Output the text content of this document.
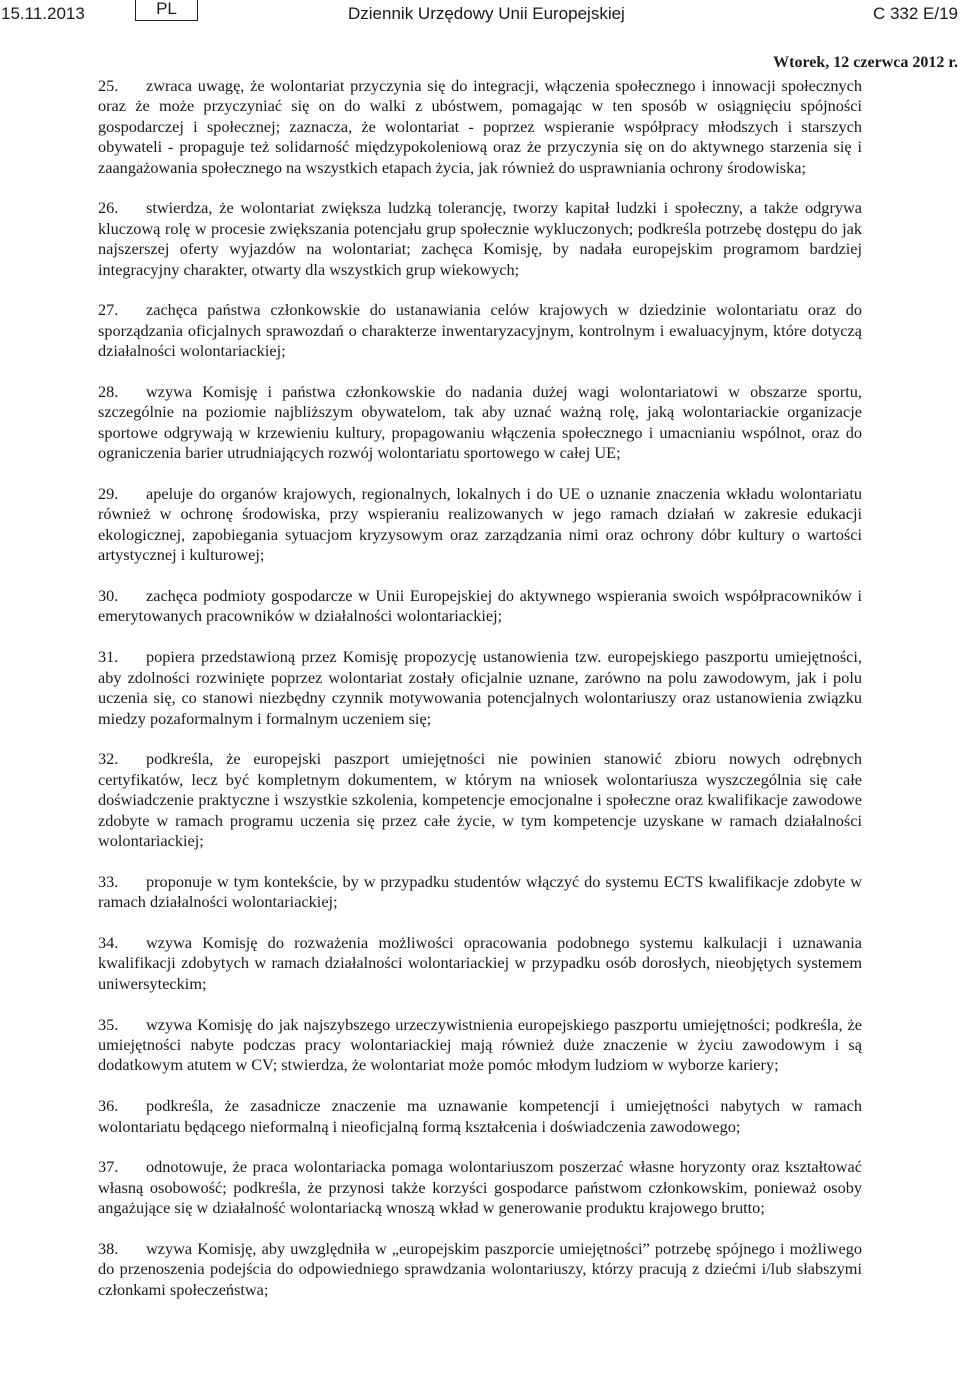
15.11.2013	PL	Dziennik Urzędowy Unii Europejskiej	C 332 E/19
Wtorek, 12 czerwca 2012 r.

25. zwraca uwagę, że wolontariat przyczynia się do integracji, włączenia społecznego i innowacji społecznych oraz że może przyczyniać się on do walki z ubóstwem, pomagając w ten sposób w osiągnięciu spójności gospodarczej i społecznej; zaznacza, że wolontariat - poprzez wspieranie współpracy młodszych i starszych obywateli - propaguje też solidarność międzypokoleniową oraz że przyczynia się on do aktywnego starzenia się i zaangażowania społecznego na wszystkich etapach życia, jak również do usprawniania ochrony środowiska;

26. stwierdza, że wolontariat zwiększa ludzką tolerancję, tworzy kapitał ludzki i społeczny, a także odgrywa kluczową rolę w procesie zwiększania potencjału grup społecznie wykluczonych; podkreśla potrzebę dostępu do jak najszerszej oferty wyjazdów na wolontariat; zachęca Komisję, by nadała europejskim programom bardziej integracyjny charakter, otwarty dla wszystkich grup wiekowych;

27. zachęca państwa członkowskie do ustanawiania celów krajowych w dziedzinie wolontariatu oraz do sporządzania oficjalnych sprawozdań o charakterze inwentaryzacyjnym, kontrolnym i ewaluacyjnym, które dotyczą działalności wolontariackiej;

28. wzywa Komisję i państwa członkowskie do nadania dużej wagi wolontariatowi w obszarze sportu, szczególnie na poziomie najbliższym obywatelom, tak aby uznać ważną rolę, jaką wolontariackie organizacje sportowe odgrywają w krzewieniu kultury, propagowaniu włączenia społecznego i umacnianiu wspólnot, oraz do ograniczenia barier utrudniających rozwój wolontariatu sportowego w całej UE;

29. apeluje do organów krajowych, regionalnych, lokalnych i do UE o uznanie znaczenia wkładu wolontariatu również w ochronę środowiska, przy wspieraniu realizowanych w jego ramach działań w zakresie edukacji ekologicznej, zapobiegania sytuacjom kryzysowym oraz zarządzania nimi oraz ochrony dóbr kultury o wartości artystycznej i kulturowej;

30. zachęca podmioty gospodarcze w Unii Europejskiej do aktywnego wspierania swoich współpracowników i emerytowanych pracowników w działalności wolontariackiej;

31. popiera przedstawioną przez Komisję propozycję ustanowienia tzw. europejskiego paszportu umiejętności, aby zdolności rozwinięte poprzez wolontariat zostały oficjalnie uznane, zarówno na polu zawodowym, jak i polu uczenia się, co stanowi niezbędny czynnik motywowania potencjalnych wolontariuszy oraz ustanowienia związku miedzy pozaformalnym i formalnym uczeniem się;

32. podkreśla, że europejski paszport umiejętności nie powinien stanowić zbioru nowych odrębnych certyfikatów, lecz być kompletnym dokumentem, w którym na wniosek wolontariusza wyszczególnia się całe doświadczenie praktyczne i wszystkie szkolenia, kompetencje emocjonalne i społeczne oraz kwalifikacje zawodowe zdobyte w ramach programu uczenia się przez całe życie, w tym kompetencje uzyskane w ramach działalności wolontariackiej;

33. proponuje w tym kontekście, by w przypadku studentów włączyć do systemu ECTS kwalifikacje zdobyte w ramach działalności wolontariackiej;

34. wzywa Komisję do rozważenia możliwości opracowania podobnego systemu kalkulacji i uznawania kwalifikacji zdobytych w ramach działalności wolontariackiej w przypadku osób dorosłych, nieobjętych systemem uniwersyteckim;

35. wzywa Komisję do jak najszybszego urzeczywistnienia europejskiego paszportu umiejętności; podkreśla, że umiejętności nabyte podczas pracy wolontariackiej mają również duże znaczenie w życiu zawodowym i są dodatkowym atutem w CV; stwierdza, że wolontariat może pomóc młodym ludziom w wyborze kariery;

36. podkreśla, że zasadnicze znaczenie ma uznawanie kompetencji i umiejętności nabytych w ramach wolontariatu będącego nieformalną i nieoficjalną formą kształcenia i doświadczenia zawodowego;

37. odnotowuje, że praca wolontariacka pomaga wolontariuszom poszerzać własne horyzonty oraz kształtować własną osobowość; podkreśla, że przynosi także korzyści gospodarce państwom członkowskim, ponieważ osoby angażujące się w działalność wolontariacką wnoszą wkład w generowanie produktu krajowego brutto;

38. wzywa Komisję, aby uwzględniła w „europejskim paszporcie umiejętności” potrzebę spójnego i możliwego do przenoszenia podejścia do odpowiedniego sprawdzania wolontariuszy, którzy pracują z dziećmi i/lub słabszymi członkami społeczeństwa;
